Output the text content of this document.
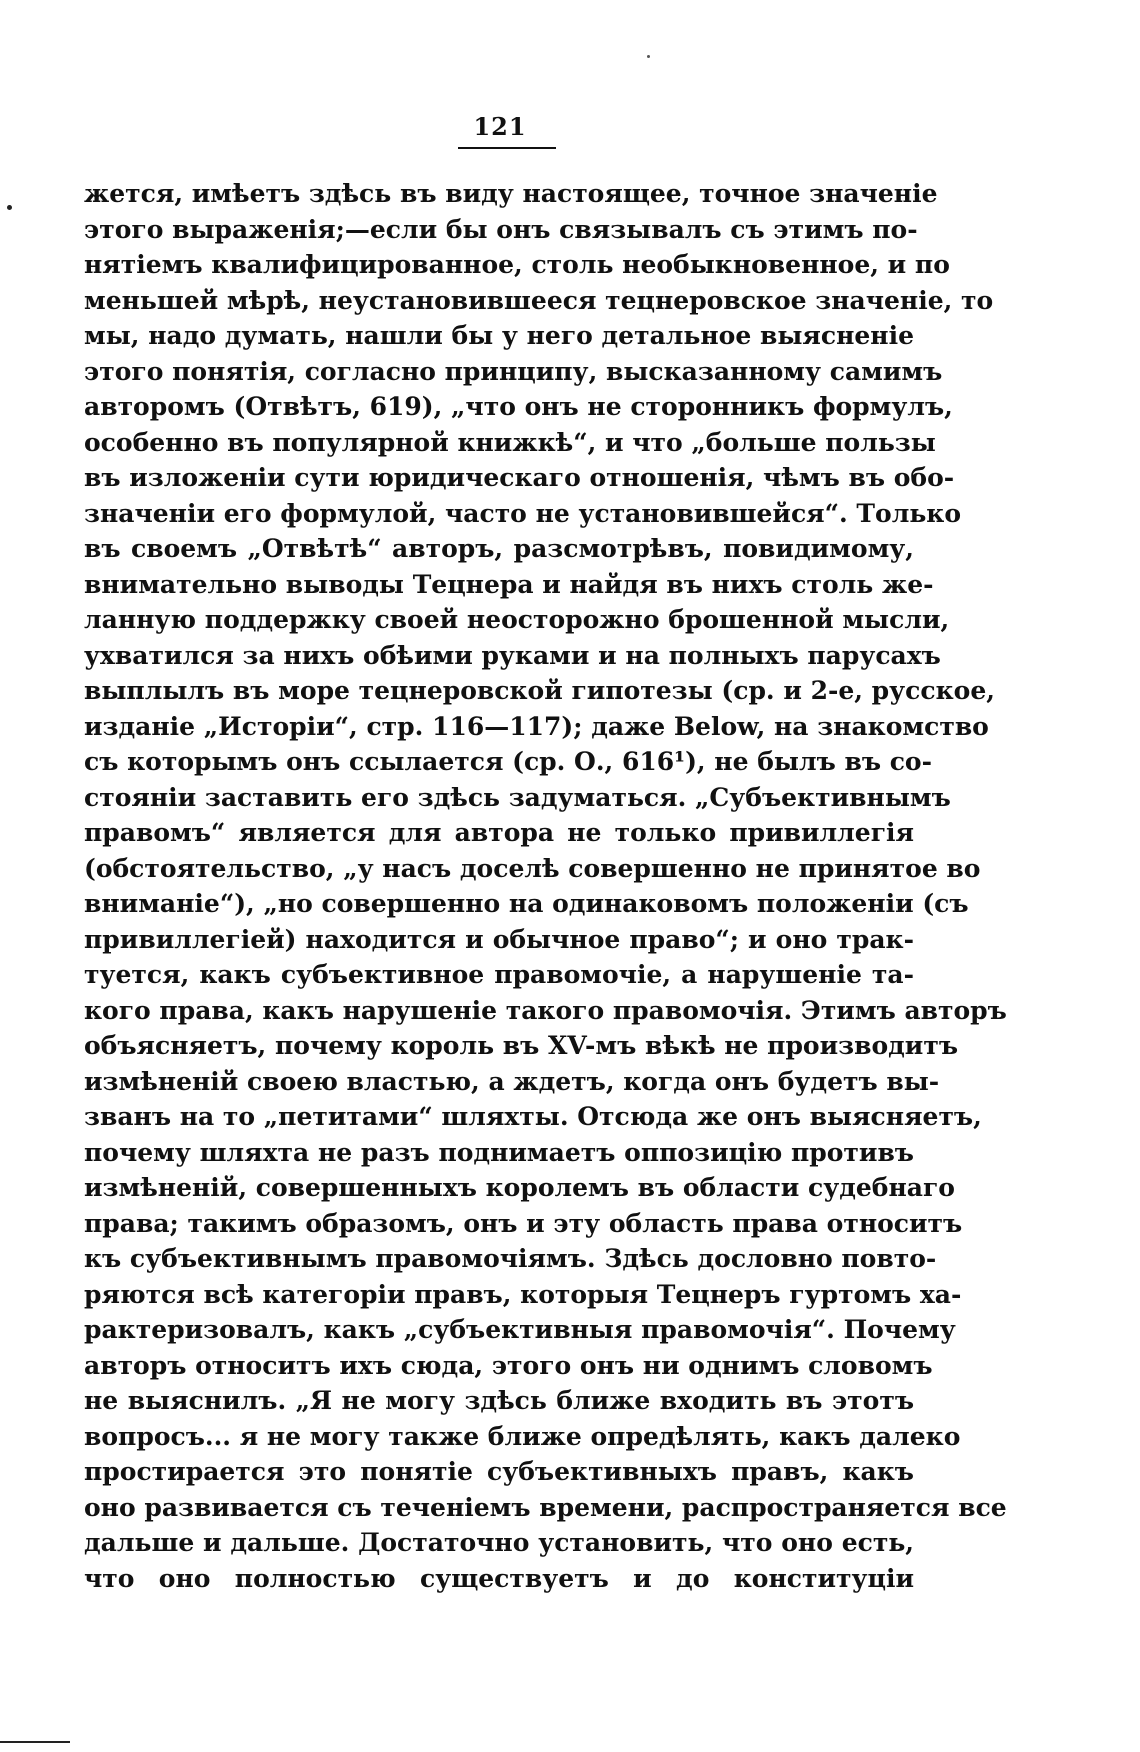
121
жется, имѣетъ здѣсь въ виду настоящее, точное значенiе
этого выраженiя;—если бы онъ связывалъ съ этимъ по-
нятiемъ квалифицированное, столь необыкновенное, и по
меньшей мѣрѣ, неустановившееся тецнеровское значенiе, то
мы, надо думать, нашли бы у него детальное выясненiе
этого понятiя, согласно принципу, высказанному самимъ
авторомъ (Отвѣтъ, 619), „что онъ не сторонникъ формулъ,
особенно въ популярной книжкѣ“, и что „больше пользы
въ изложенiи сути юридическаго отношенiя, чѣмъ въ обо-
значенiи его формулой, часто не установившейся“. Только
въ своемъ „Отвѣтѣ“ авторъ, разсмотрѣвъ, повидимому,
внимательно выводы Тецнера и найдя въ нихъ столь же-
ланную поддержку своей неосторожно брошенной мысли,
ухватился за нихъ обѣими руками и на полныхъ парусахъ
выплылъ въ море тецнеровской гипотезы (ср. и 2-е, русское,
изданiе „Исторiи“, стр. 116—117); даже Below, на знакомство
съ которымъ онъ ссылается (ср. О., 616¹), не былъ въ со-
стоянiи заставить его здѣсь задуматься. „Субъективнымъ
правомъ“ является для автора не только привиллегiя
(обстоятельство, „у насъ доселѣ совершенно не принятое во
вниманiе“), „но совершенно на одинаковомъ положенiи (съ
привиллегiей) находится и обычное право“; и оно трак-
туется, какъ субъективное правомочiе, а нарушенiе та-
кого права, какъ нарушенiе такого правомочiя. Этимъ авторъ
объясняетъ, почему король въ XV-мъ вѣкѣ не производитъ
измѣненiй своею властью, а ждетъ, когда онъ будетъ вы-
званъ на то „петитами“ шляхты. Отсюда же онъ выясняетъ,
почему шляхта не разъ поднимаетъ оппозицiю противъ
измѣненiй, совершенныхъ королемъ въ области судебнаго
права; такимъ образомъ, онъ и эту область права относитъ
къ субъективнымъ правомочiямъ. Здѣсь дословно повто-
ряются всѣ категорiи правъ, которыя Тецнеръ гуртомъ ха-
рактеризовалъ, какъ „субъективныя правомочiя“. Почему
авторъ относитъ ихъ сюда, этого онъ ни однимъ словомъ
не выяснилъ. „Я не могу здѣсь ближе входить въ этотъ
вопросъ... я не могу также ближе опредѣлять, какъ далеко
простирается это понятiе субъективныхъ правъ, какъ
оно развивается съ теченiемъ времени, распространяется все
дальше и дальше. Достаточно установить, что оно есть,
что оно полностью существуетъ и до конституцiи
